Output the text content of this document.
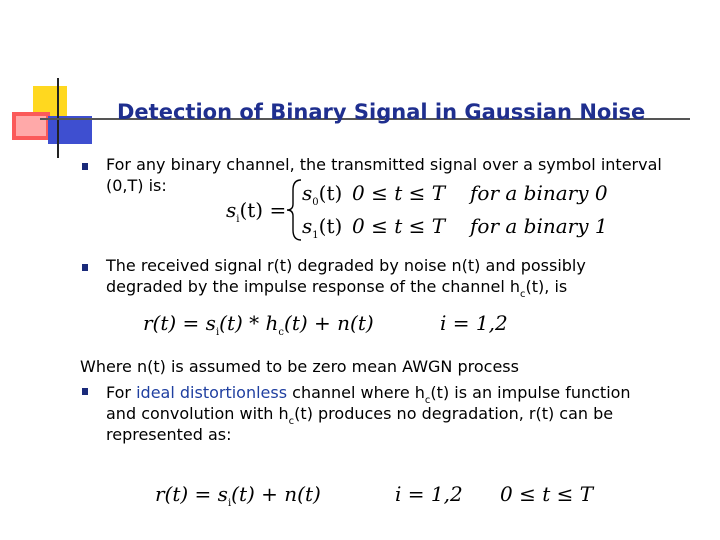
Detection of Binary Signal in Gaussian Noise
For any binary channel, the transmitted signal over a symbol interval
(0,T) is:
$s_i(t)$ =
$s_0(t) 0 \le t \le T$ for a binary 0
$s_1(t) 0 \le t \le T$ for a binary 1
The received signal r(t) degraded by noise n(t) and possibly
degraded by the impulse response of the channel $h_c(t)$, is
$r(t) = s_i(t) * h_c(t) + n(t)$	i = 1,2
Where n(t) is assumed to be zero mean AWGN process
For ideal distortionless channel where $h_c(t)$ is an impulse function
and convolution with $h_c(t)$ produces no degradation, r(t) can be
represented as:
$r(t) = s_i(t) + n(t)$	i = 1,2 0 ≤ t ≤ T
